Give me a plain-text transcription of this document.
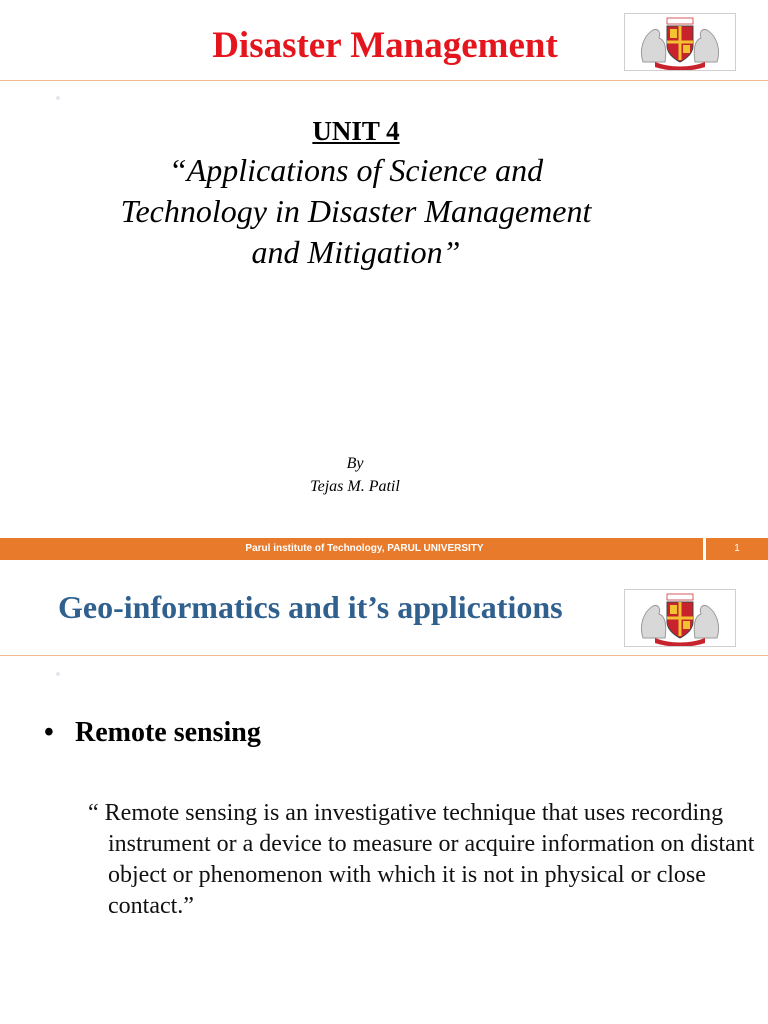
Disaster Management
UNIT 4
“Applications of Science and Technology in Disaster Management and Mitigation”
By
Tejas M. Patil
Parul institute of Technology, PARUL UNIVERSITY	1
Geo-informatics and it’s applications
• Remote sensing
“ Remote sensing is an investigative technique that uses recording instrument or a device to measure or acquire information on distant object or phenomenon with which it is not in physical or close contact.”
